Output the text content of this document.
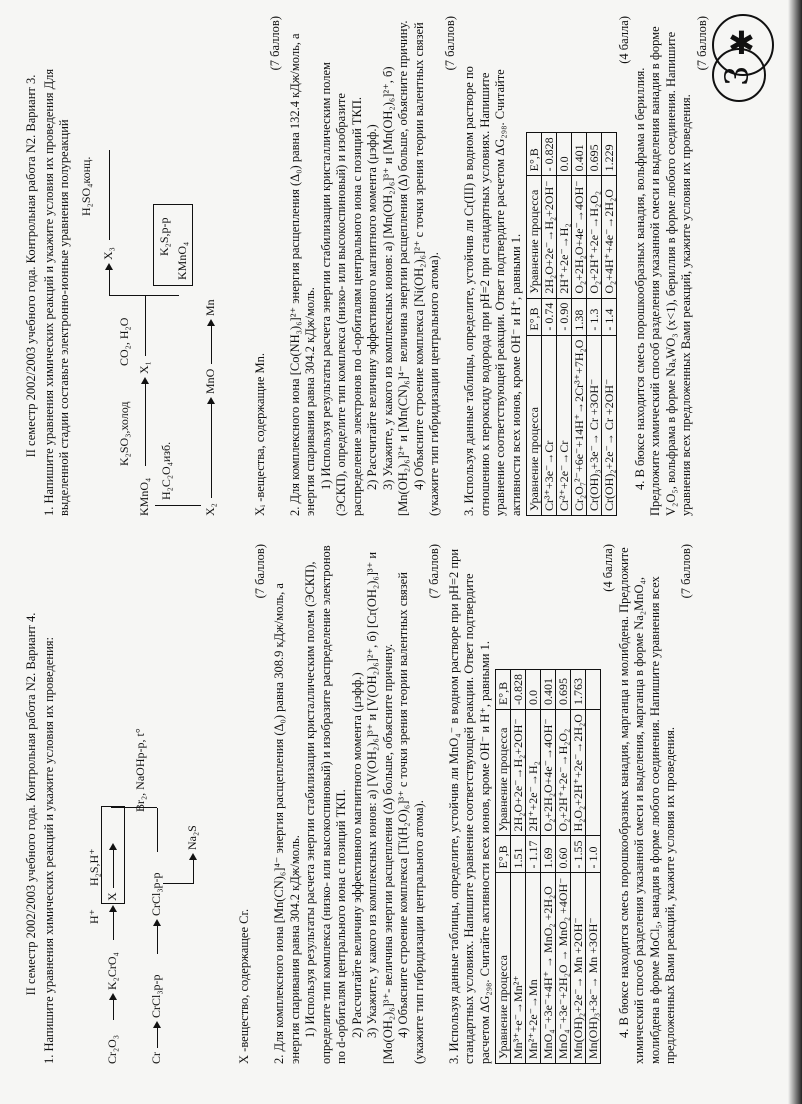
II семестр 2002/2003 учебного года. Контрольная работа N2. Вариант 4. 1. Напишите уравнения химических реакций и укажите условия их проведения:	Cr₂O₃
K₂CrO₄
H⁺
X
H₂S,H⁺
Cr
CrCl₃p-p
CrCl₃p-p
Br₂, NaOHp-p, t°
Na₂S

X -вещество, содержащее Cr.

(7 баллов)

2. Для комплексного иона [Mn(CN)₆]⁴⁻ энергия расщепления (Δ₀) равна 308.9 кДж/моль, а энергия спаривания равна 304.2 кДж/моль. 1) Используя результаты расчета энергии стабилизации кристаллическим полем (ЭСКП), определите тип комплекса (низко- или высокоспиновый) и изобразите распределение электронов по d-орбиталям центрального иона с позиций ТКП. 2) Рассчитайте величину эффективного магнитного момента (μэфф.) 3) Укажите, у какого из комплексных ионов: а) [V(OH₂)₆]³⁺ и [V(OH₂)₆]²⁺, б) [Cr(OH₂)₆]³⁺ и [Mo(OH₂)₆]³⁺- величина энергии расщепления (Δ) больше, объясните причину. 4) Объясните строение комплекса [Ti(H₂O)₆]³⁺ с точки зрения теории валентных связей (укажите тип гибридизации центрального атома).

(7 баллов) 3. Используя данные таблицы, определите, устойчив ли MnO₄⁻ в водном растворе при pH=2 при стандартных условиях. Напишите уравнение соответствующей реакции. Ответ подтвердите расчетом ΔG₂₉₈. Считайте активности всех ионов, кроме OH⁻ и H⁺, равными 1. Уравнение процесса	E°,B	Уравнение процесса	E°,B
Mn³⁺+e⁻→Mn²⁺	1.51	2H₂O+2e⁻→H₂+2OH⁻	-0.828
Mn²⁺+2e⁻→Mn	- 1.17	2H⁺+2e⁻→H₂	0.0
MnO₄⁻+3e⁻+4H⁺ → MnO₂ +2H₂O	1.69	O₂+2H₂O+4e⁻→4OH⁻	0.401
MnO₄⁻+3e⁻+2H₂O → MnO₂ +4OH⁻	0.60	O₂+2H⁺+2e⁻→H₂O₂	0.695
Mn(OH)₂+2e⁻→ Mn +2OH⁻	- 1.55	H₂O₂+2H⁺+2e⁻→2H₂O	1.763
Mn(OH)₃+3e⁻→ Mn +3OH⁻	- 1.0		

(4 балла) 4. В бюксе находится смесь порошкообразных ванадия, марганца и молибдена. Предложите химический способ разделения указанной смеси и выделения, марганца в форме Na₂MnO₄, молибдена в форме MoCl₅, ванадия в форме любого соединения. Напишите уравнения всех предложенных Вами реакций, укажите условия их проведения.

(7 баллов)

II семестр 2002/2003 учебного года. Контрольная работа N2. Вариант 3. 1. Напишите уравнения химических реакций и укажите условия их проведения Для выделенной стадии составьте электронно-ионные уравнения полуреакций	KMnO₄
K₂SO₃,холод
X₁
CO₂, H₂O
X₃
H₂SO₄конц.
K₂S,p-p
KMnO₄
H₂C₂O₄изб.
X₂
MnO
Mn

Xᵢ -вещества, содержащие Mn.

(7 баллов) 2. Для комплексного иона [Co(NH₃)₆]²⁺ энергия расщепления (Δ₀) равна 132.4 кДж/моль, а энергия спаривания равна 304.2 кДж/моль. 1) Используя результаты расчета энергии стабилизации кристаллическим полем (ЭСКП), определите тип комплекса (низко- или высокоспиновый) и изобразите распределение электронов по d-орбиталям центрального иона с позиций ТКП. 2) Рассчитайте величину эффективного магнитного момента (μэфф.) 3) Укажите, у какого из комплексных ионов: а) [Mn(OH₂)₆]³⁺ и [Mn(OH₂)₆]²⁺, б) [Mn(OH₂)₆]²⁺ и [Mn(CN)₆]⁴⁻ величина энергии расщепления (Δ) больше, объясните причину. 4) Объясните строение комплекса [Ni(OH₂)₆]²⁺ с точки зрения теории валентных связей (укажите тип гибридизации центрального атома).

(7 баллов)

3. Используя данные таблицы, определите, устойчив ли Cr(III) в водном растворе по отношению к пероксиду водорода при pH=2 при стандартных условиях. Напишите уравнение соответствующей реакции. Ответ подтвердите расчетом ΔG₂₉₈. Считайте активности всех ионов, кроме OH⁻ и H⁺, равными 1. Уравнение процесса	E°,B	Уравнение процесса	E°,B
Cr³⁺+3e⁻→Cr	- 0.74	2H₂O+2e⁻→H₂+2OH⁻	- 0.828
Cr²⁺+2e⁻→Cr	- 0.90	2H⁺+2e⁻→H₂	0.0
Cr₂O₇²⁻+6e⁻+14H⁺→2Cr³⁺+7H₂O	1.38	O₂+2H₂O+4e⁻→4OH⁻	0.401
Cr(OH)₃+3e⁻→ Cr +3OH⁻	- 1.3	O₂+2H⁺+2e⁻→H₂O₂	0.695
Cr(OH)₂+2e⁻→ Cr +2OH⁻	- 1.4	O₂+4H⁺+4e⁻→2H₂O	1.229

(4 балла)

4. В бюксе находится смесь порошкообразных ванадия, вольфрама и бериллия. Предложите химический способ разделения указанной смеси и выделения ванадия в форме V₂O₅, вольфрама в форме NaₓWO₃ (x<1), бериллия в форме любого соединения. Напишите уравнения всех предложенных Вами реакций, укажите условия их проведения.

(7 баллов) ✱
3
